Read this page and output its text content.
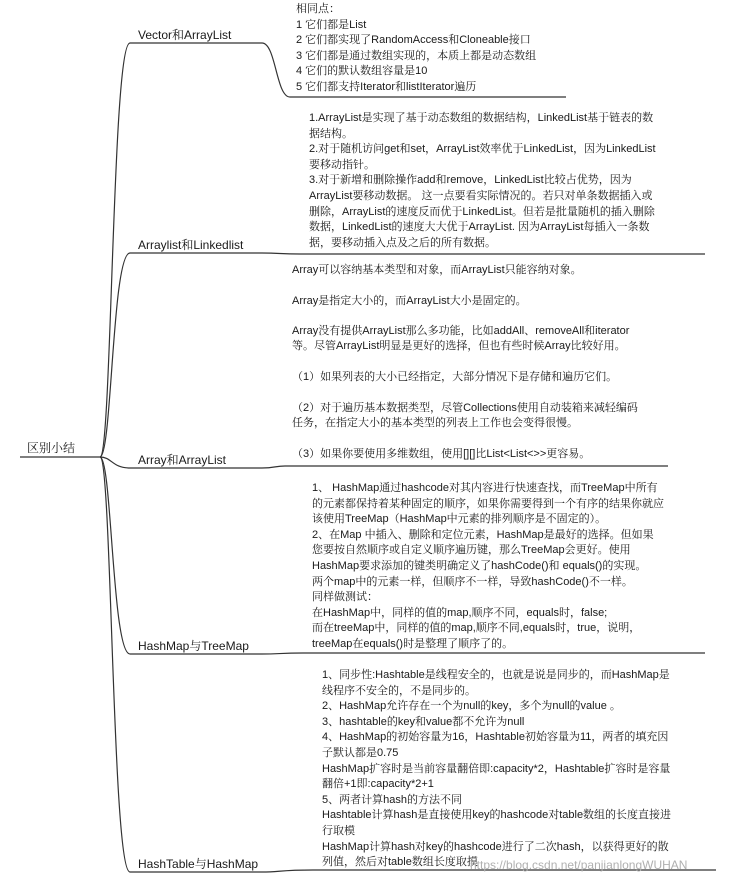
区别小结
Vector和ArrayList
Arraylist和Linkedlist
Array和ArrayList
HashMap与TreeMap
HashTable与HashMap
相同点：
1 它们都是List
2 它们都实现了RandomAccess和Cloneable接口
3 它们都是通过数组实现的，本质上都是动态数组
4 它们的默认数组容量是10
5 它们都支持Iterator和listIterator遍历
1.ArrayList是实现了基于动态数组的数据结构，LinkedList基于链表的数
据结构。
2.对于随机访问get和set，ArrayList效率优于LinkedList，因为LinkedList
要移动指针。
3.对于新增和删除操作add和remove，LinkedList比较占优势，因为
ArrayList要移动数据。 这一点要看实际情况的。若只对单条数据插入或
删除，ArrayList的速度反而优于LinkedList。但若是批量随机的插入删除
数据，LinkedList的速度大大优于ArrayList. 因为ArrayList每插入一条数
据，要移动插入点及之后的所有数据。
Array可以容纳基本类型和对象，而ArrayList只能容纳对象。

Array是指定大小的，而ArrayList大小是固定的。

Array没有提供ArrayList那么多功能，比如addAll、removeAll和iterator
等。尽管ArrayList明显是更好的选择，但也有些时候Array比较好用。

（1）如果列表的大小已经指定，大部分情况下是存储和遍历它们。

（2）对于遍历基本数据类型，尽管Collections使用自动装箱来减轻编码
任务，在指定大小的基本类型的列表上工作也会变得很慢。

（3）如果你要使用多维数组，使用[][]比List<List<>>更容易。
1、 HashMap通过hashcode对其内容进行快速查找，而TreeMap中所有
的元素都保持着某种固定的顺序，如果你需要得到一个有序的结果你就应
该使用TreeMap（HashMap中元素的排列顺序是不固定的）。
2、在Map 中插入、删除和定位元素，HashMap是最好的选择。但如果
您要按自然顺序或自定义顺序遍历键，那么TreeMap会更好。使用
HashMap要求添加的键类明确定义了hashCode()和 equals()的实现。
两个map中的元素一样，但顺序不一样，导致hashCode()不一样。
同样做测试：
在HashMap中，同样的值的map,顺序不同，equals时，false;
而在treeMap中，同样的值的map,顺序不同,equals时，true，说明，
treeMap在equals()时是整理了顺序了的。
1、同步性:Hashtable是线程安全的，也就是说是同步的，而HashMap是
线程序不安全的，不是同步的。
2、HashMap允许存在一个为null的key，多个为null的value 。
3、hashtable的key和value都不允许为null
4、HashMap的初始容量为16，Hashtable初始容量为11，两者的填充因
子默认都是0.75
HashMap扩容时是当前容量翻倍即:capacity*2，Hashtable扩容时是容量
翻倍+1即:capacity*2+1
5、两者计算hash的方法不同
Hashtable计算hash是直接使用key的hashcode对table数组的长度直接进
行取模
HashMap计算hash对key的hashcode进行了二次hash，以获得更好的散
列值，然后对table数组长度取摸
https://blog.csdn.net/panjianlongWUHAN
